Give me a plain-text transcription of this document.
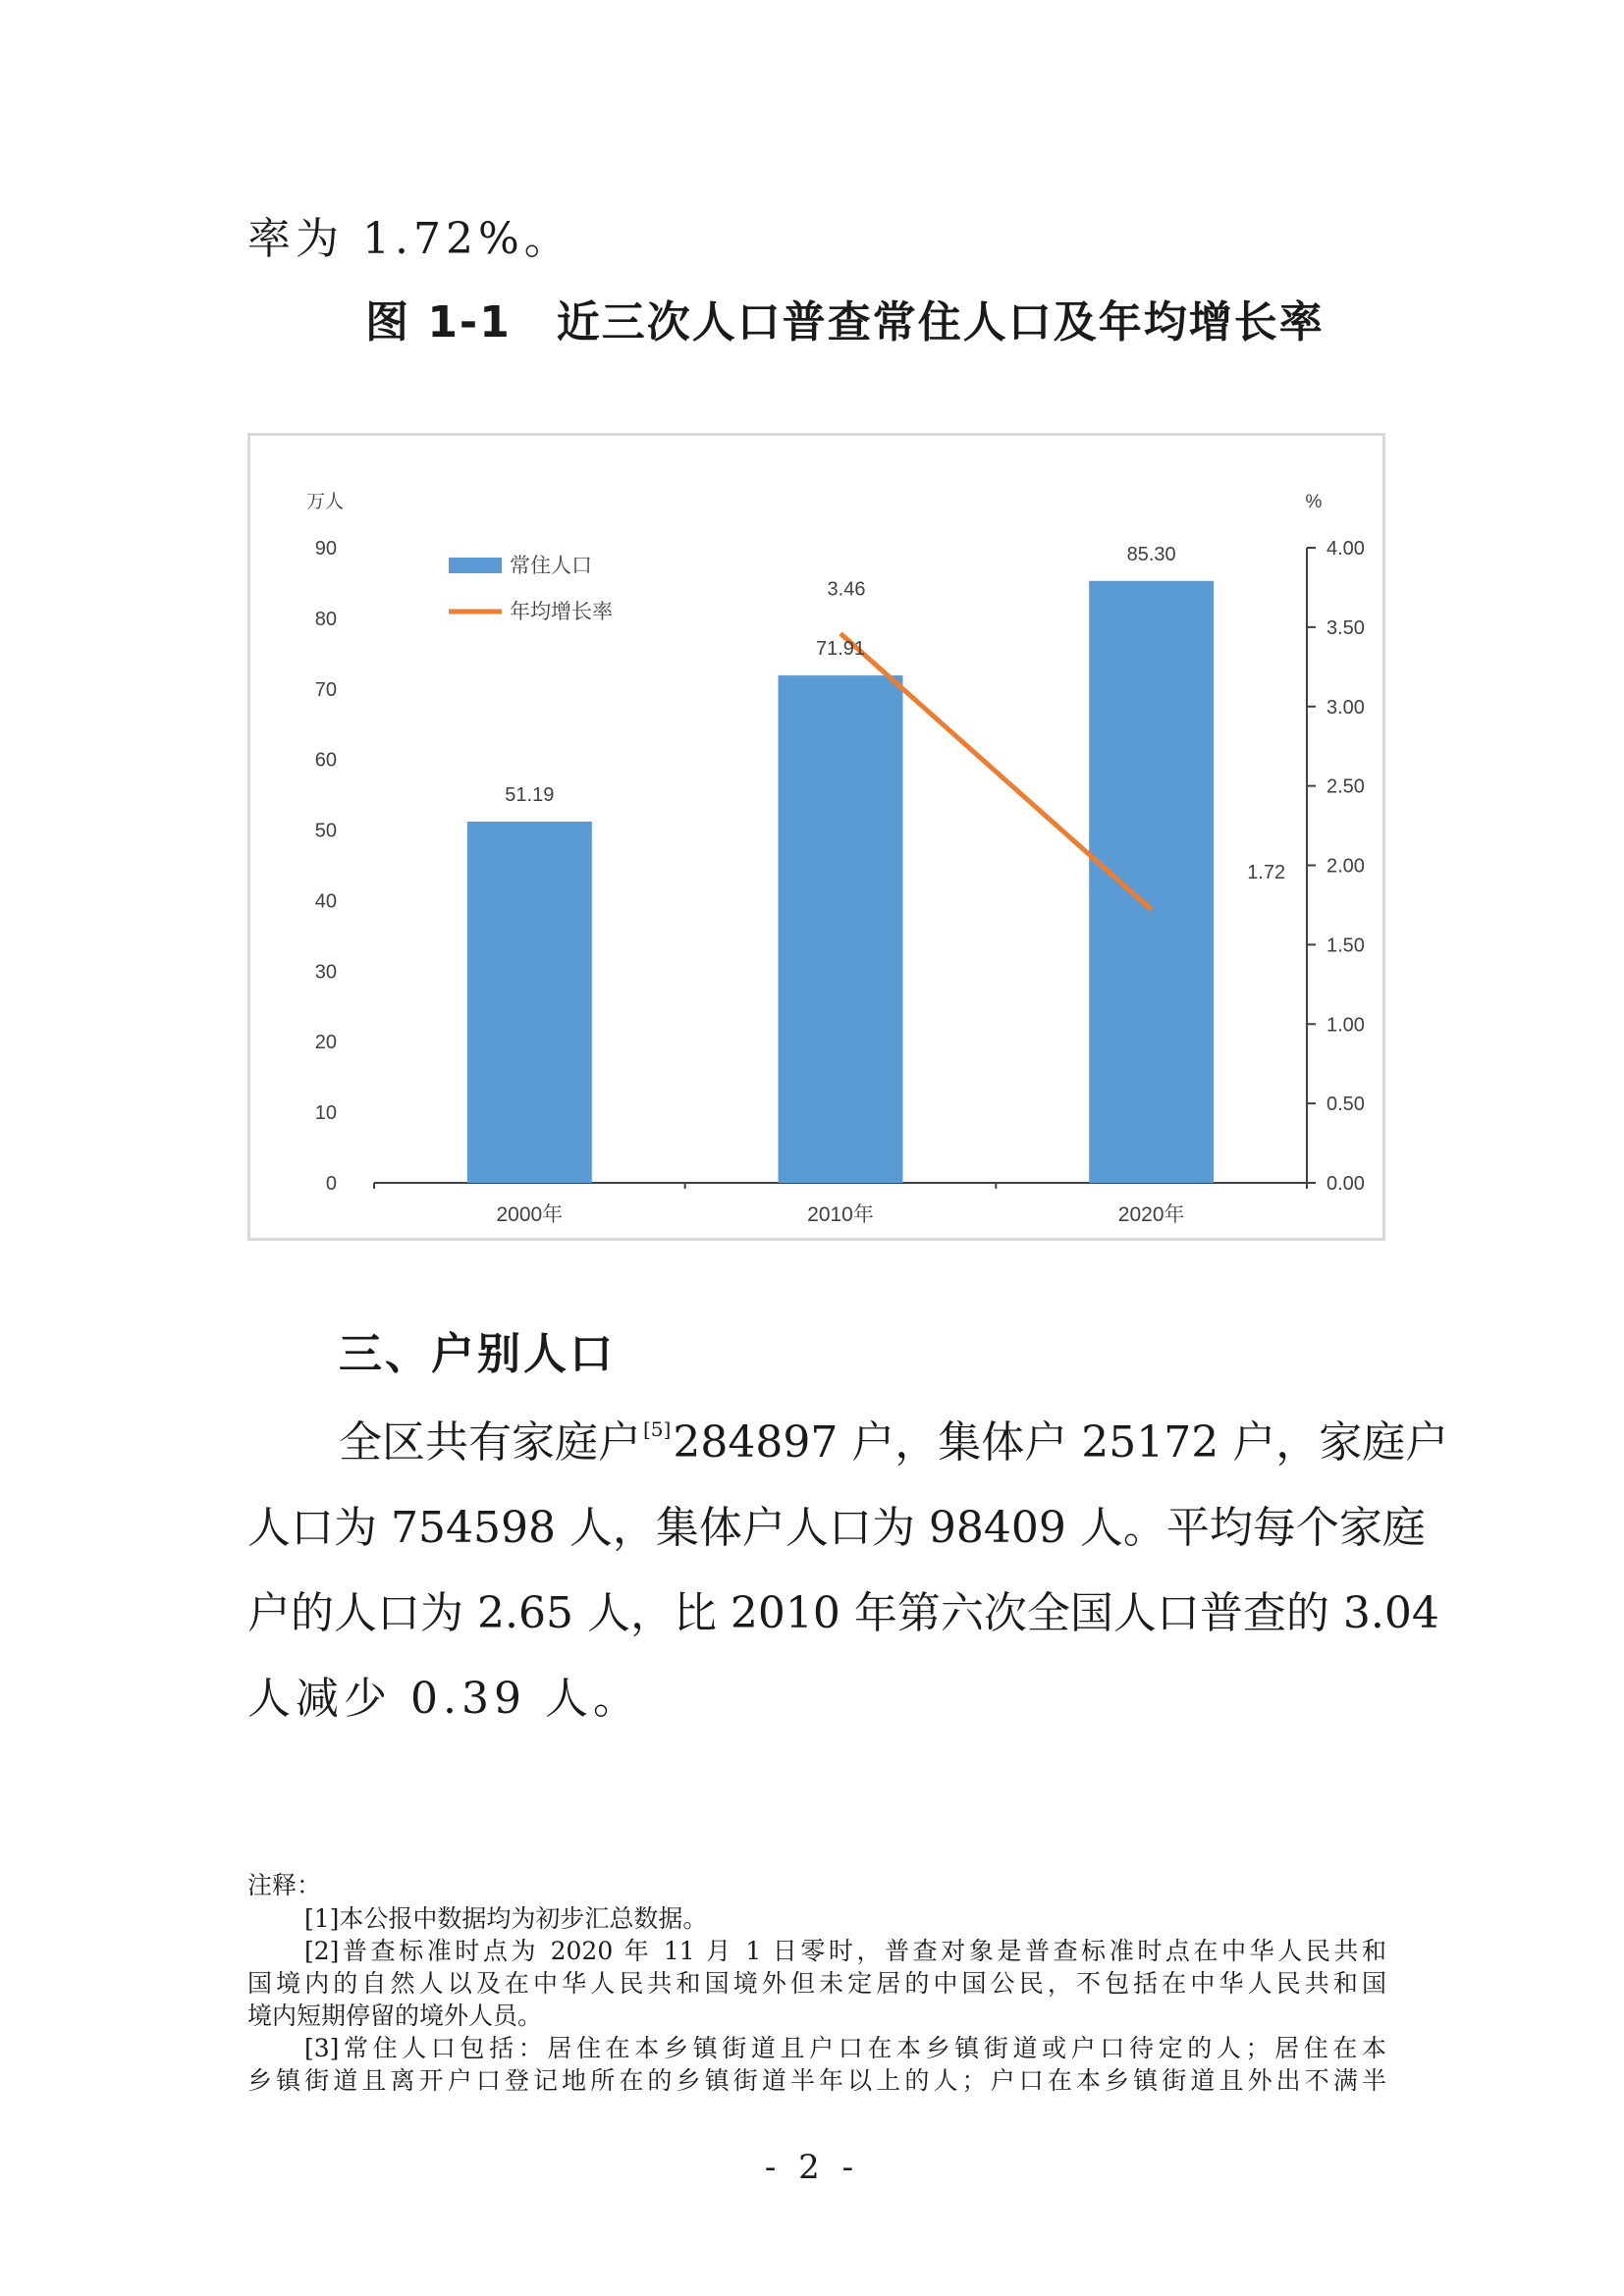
率为 1.72%。
图 1-1　近三次人口普查常住人口及年均增长率
0
10
20
30
40
50
60
70
80
90
万人
0.00
0.50
1.00
1.50
2.00
2.50
3.00
3.50
4.00
%
2000年	2010年	2020年
51.19
71.91
85.30
3.46
1.72
常住人口
年均增长率
三、户别人口
全区共有家庭户 [5]284897 户，集体户 25172 户，家庭户
人口为 754598 人，集体户人口为 98409 人。平均每个家庭
户的人口为 2.65 人，比 2010 年第六次全国人口普查的 3.04
人减少 0.39 人。
注释：
[1]本公报中数据均为初步汇总数据。
[2]普查标准时点为 2020 年 11 月 1 日零时，普查对象是普查标准时点在中华人民共和
国境内的自然人以及在中华人民共和国境外但未定居的中国公民，不包括在中华人民共和国
境内短期停留的境外人员。
[3]常住人口包括：居住在本乡镇街道且户口在本乡镇街道或户口待定的人；居住在本
乡镇街道且离开户口登记地所在的乡镇街道半年以上的人；户口在本乡镇街道且外出不满半
- 2 -
